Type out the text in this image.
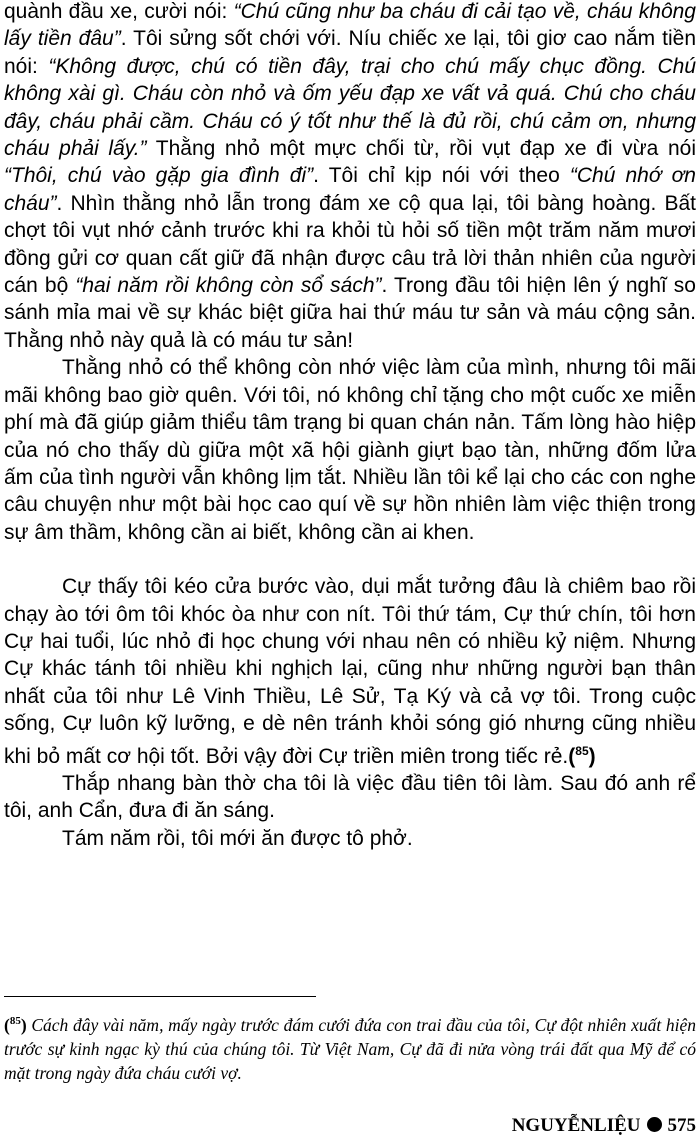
quành đầu xe, cười nói: “Chú cũng như ba cháu đi cải tạo về, cháu không lấy tiền đâu”. Tôi sửng sốt chới với. Níu chiếc xe lại, tôi giơ cao nắm tiền nói: “Không được, chú có tiền đây, trại cho chú mấy chục đồng. Chú không xài gì. Cháu còn nhỏ và ốm yếu đạp xe vất vả quá. Chú cho cháu đây, cháu phải cầm. Cháu có ý tốt như thế là đủ rồi, chú cảm ơn, nhưng cháu phải lấy.” Thằng nhỏ một mực chối từ, rồi vụt đạp xe đi vừa nói “Thôi, chú vào gặp gia đình đi”. Tôi chỉ kịp nói với theo “Chú nhớ ơn cháu”. Nhìn thằng nhỏ lẫn trong đám xe cộ qua lại, tôi bàng hoàng. Bất chợt tôi vụt nhớ cảnh trước khi ra khỏi tù hỏi số tiền một trăm năm mươi đồng gửi cơ quan cất giữ đã nhận được câu trả lời thản nhiên của người cán bộ “hai năm rồi không còn sổ sách”. Trong đầu tôi hiện lên ý nghĩ so sánh mỉa mai về sự khác biệt giữa hai thứ máu tư sản và máu cộng sản. Thằng nhỏ này quả là có máu tư sản!

Thằng nhỏ có thể không còn nhớ việc làm của mình, nhưng tôi mãi mãi không bao giờ quên. Với tôi, nó không chỉ tặng cho một cuốc xe miễn phí mà đã giúp giảm thiểu tâm trạng bi quan chán nản. Tấm lòng hào hiệp của nó cho thấy dù giữa một xã hội giành giựt bạo tàn, những đốm lửa ấm của tình người vẫn không lịm tắt. Nhiều lần tôi kể lại cho các con nghe câu chuyện như một bài học cao quí về sự hồn nhiên làm việc thiện trong sự âm thầm, không cần ai biết, không cần ai khen.

Cự thấy tôi kéo cửa bước vào, dụi mắt tưởng đâu là chiêm bao rồi chạy ào tới ôm tôi khóc òa như con nít. Tôi thứ tám, Cự thứ chín, tôi hơn Cự hai tuổi, lúc nhỏ đi học chung với nhau nên có nhiều kỷ niệm. Nhưng Cự khác tánh tôi nhiều khi nghịch lại, cũng như những người bạn thân nhất của tôi như Lê Vinh Thiều, Lê Sử, Tạ Ký và cả vợ tôi. Trong cuộc sống, Cự luôn kỹ lưỡng, e dè nên tránh khỏi sóng gió nhưng cũng nhiều khi bỏ mất cơ hội tốt. Bởi vậy đời Cự triền miên trong tiếc rẻ.($^{85}$)

Thắp nhang bàn thờ cha tôi là việc đầu tiên tôi làm. Sau đó anh rể tôi, anh Cẩn, đưa đi ăn sáng.

Tám năm rồi, tôi mới ăn được tô phở.

($^{85}$) Cách đây vài năm, mấy ngày trước đám cưới đứa con trai đầu của tôi, Cự đột nhiên xuất hiện trước sự kinh ngạc kỳ thú của chúng tôi. Từ Việt Nam, Cự đã đi nửa vòng trái đất qua Mỹ để có mặt trong ngày đứa cháu cưới vợ.
NGUYỄNLIỆU 575
